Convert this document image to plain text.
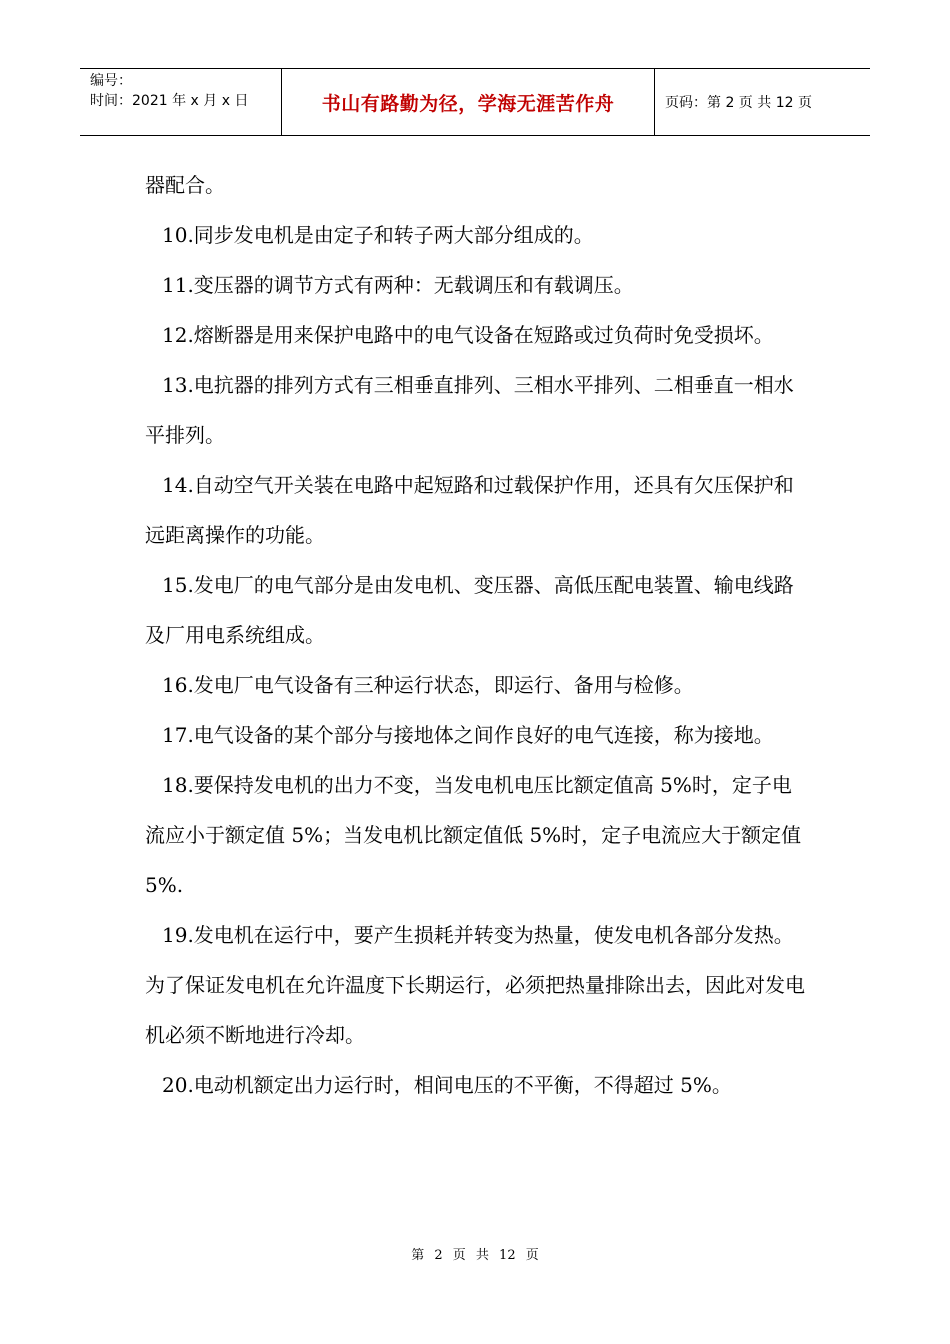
编号：
时间：2021 年 x 月 x 日	书山有路勤为径，学海无涯苦作舟	页码：第 2 页 共 12 页

器配合。

10.同步发电机是由定子和转子两大部分组成的。

11.变压器的调节方式有两种：无载调压和有载调压。

12.熔断器是用来保护电路中的电气设备在短路或过负荷时免受损坏。

13.电抗器的排列方式有三相垂直排列、三相水平排列、二相垂直一相水平排列。

14.自动空气开关装在电路中起短路和过载保护作用，还具有欠压保护和远距离操作的功能。

15.发电厂的电气部分是由发电机、变压器、高低压配电装置、输电线路及厂用电系统组成。

16.发电厂电气设备有三种运行状态，即运行、备用与检修。

17.电气设备的某个部分与接地体之间作良好的电气连接，称为接地。

18.要保持发电机的出力不变，当发电机电压比额定值高 5%时，定子电流应小于额定值 5%；当发电机比额定值低 5%时，定子电流应大于额定值 5%.

19.发电机在运行中，要产生损耗并转变为热量，使发电机各部分发热。为了保证发电机在允许温度下长期运行，必须把热量排除出去，因此对发电机必须不断地进行冷却。

20.电动机额定出力运行时，相间电压的不平衡，不得超过 5%。

第 2 页 共 12 页
